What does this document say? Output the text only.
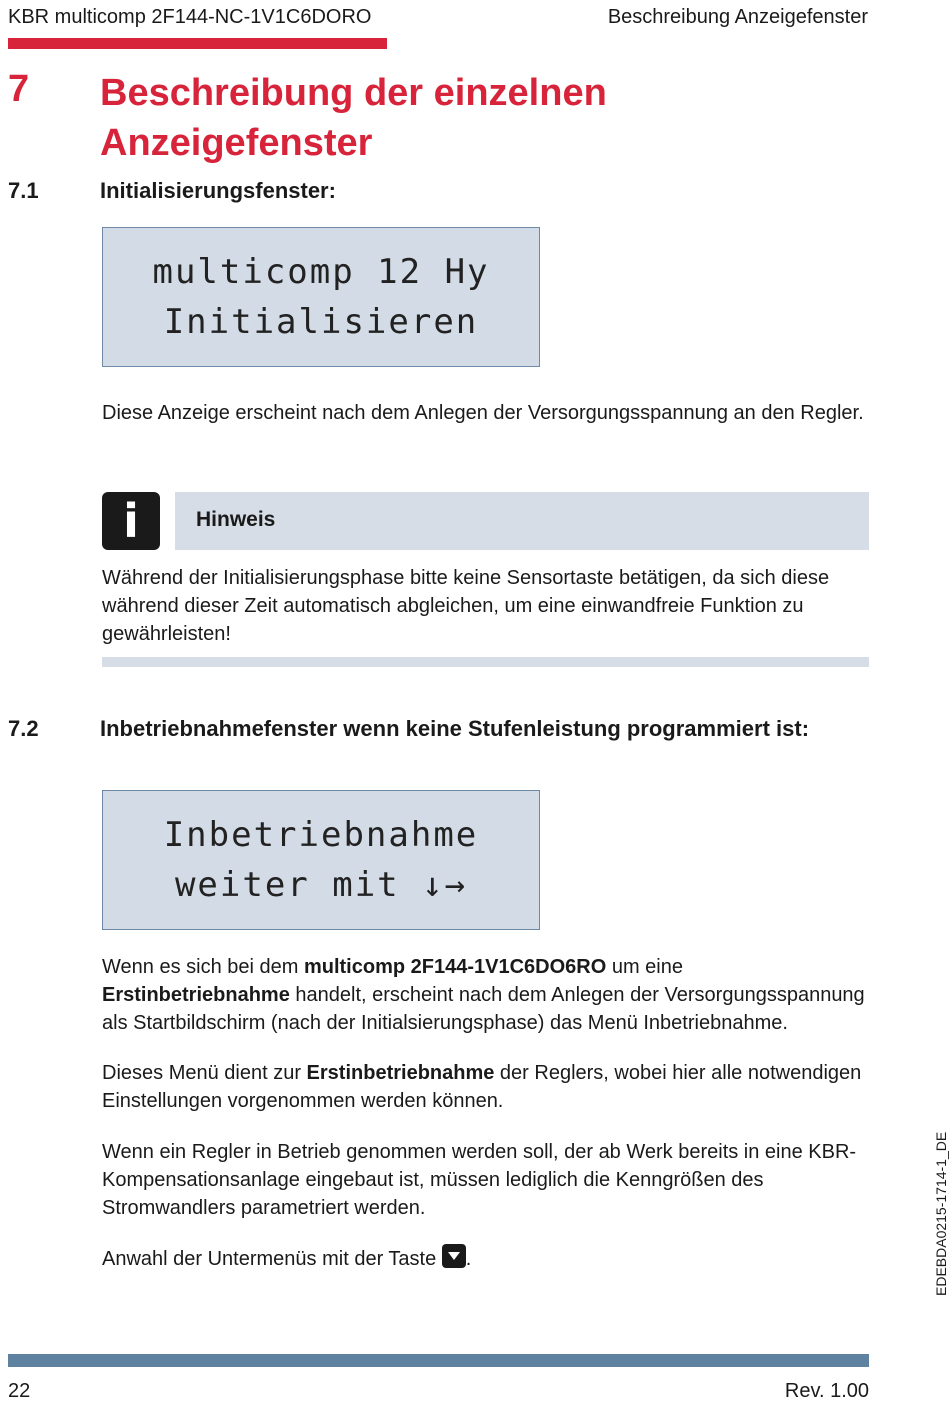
KBR multicomp 2F144-NC-1V1C6DORO	Beschreibung Anzeigefenster
7 Beschreibung der einzelnen
Anzeigefenster
7.1	Initialisierungsfenster:
multicomp 12 Hy
Initialisieren
Diese Anzeige erscheint nach dem Anlegen der Versorgungsspannung an den Regler.
i	Hinweis
Während der Initialisierungsphase bitte keine Sensortaste betätigen, da sich diese während dieser Zeit automatisch abgleichen, um eine einwandfreie Funktion zu gewährleisten!
7.2	Inbetriebnahmefenster wenn keine Stufenleistung programmiert ist:
Inbetriebnahme
weiter mit ↓→
Wenn es sich bei dem multicomp 2F144-1V1C6DO6RO um eine Erstinbetriebnahme handelt, erscheint nach dem Anlegen der Versorgungsspannung als Startbildschirm (nach der Initialsierungsphase) das Menü Inbetriebnahme.
Dieses Menü dient zur Erstinbetriebnahme der Reglers, wobei hier alle notwendigen Einstellungen vorgenommen werden können.
Wenn ein Regler in Betrieb genommen werden soll, der ab Werk bereits in eine KBR- Kompensationsanlage eingebaut ist, müssen lediglich die Kenngrößen des Stromwandlers parametriert werden.
Anwahl der Untermenüs mit der Taste .	EDEBDA0215-1714-1_DE
22	Rev. 1.00
